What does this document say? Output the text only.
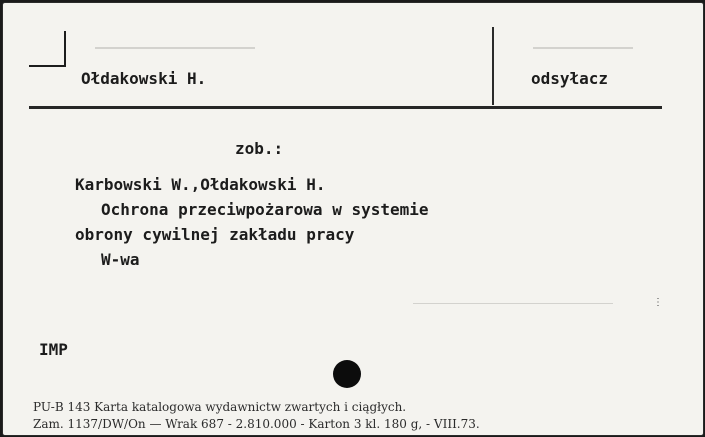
Ołdakowski H.	odsyłacz
zob.:
Karbowski W.,Ołdakowski H.
Ochrona przeciwpożarowa w systemie
obrony cywilnej zakładu pracy
W-wa
IMP
⋮
PU-B 143 Karta katalogowa wydawnictw zwartych i ciągłych.
Zam. 1137/DW/On — Wrak 687 - 2.810.000 - Karton 3 kl. 180 g, - VIII.73.
